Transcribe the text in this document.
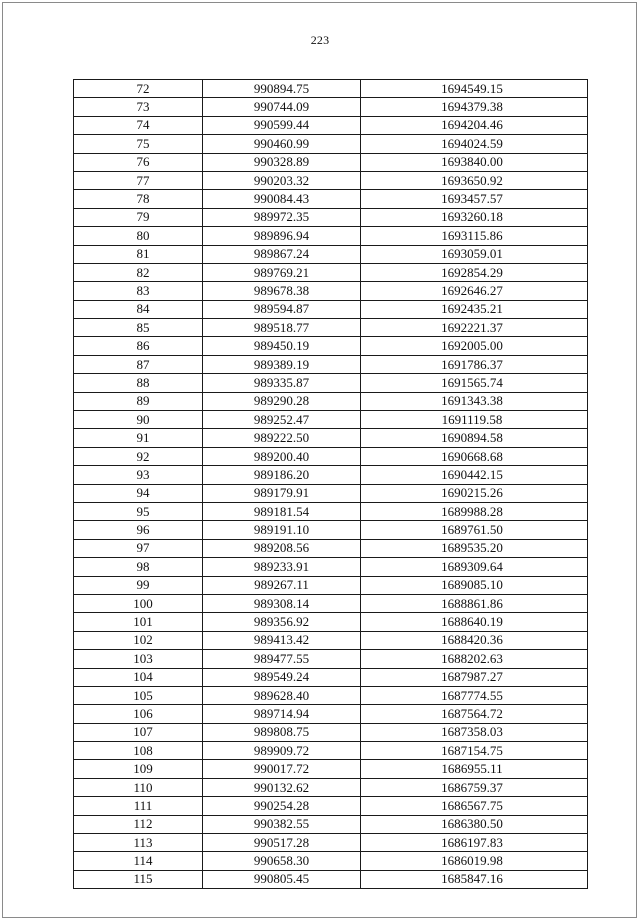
223
72	990894.75	1694549.15
73	990744.09	1694379.38
74	990599.44	1694204.46
75	990460.99	1694024.59
76	990328.89	1693840.00
77	990203.32	1693650.92
78	990084.43	1693457.57
79	989972.35	1693260.18
80	989896.94	1693115.86
81	989867.24	1693059.01
82	989769.21	1692854.29
83	989678.38	1692646.27
84	989594.87	1692435.21
85	989518.77	1692221.37
86	989450.19	1692005.00
87	989389.19	1691786.37
88	989335.87	1691565.74
89	989290.28	1691343.38
90	989252.47	1691119.58
91	989222.50	1690894.58
92	989200.40	1690668.68
93	989186.20	1690442.15
94	989179.91	1690215.26
95	989181.54	1689988.28
96	989191.10	1689761.50
97	989208.56	1689535.20
98	989233.91	1689309.64
99	989267.11	1689085.10
100	989308.14	1688861.86
101	989356.92	1688640.19
102	989413.42	1688420.36
103	989477.55	1688202.63
104	989549.24	1687987.27
105	989628.40	1687774.55
106	989714.94	1687564.72
107	989808.75	1687358.03
108	989909.72	1687154.75
109	990017.72	1686955.11
110	990132.62	1686759.37
111	990254.28	1686567.75
112	990382.55	1686380.50
113	990517.28	1686197.83
114	990658.30	1686019.98
115	990805.45	1685847.16
